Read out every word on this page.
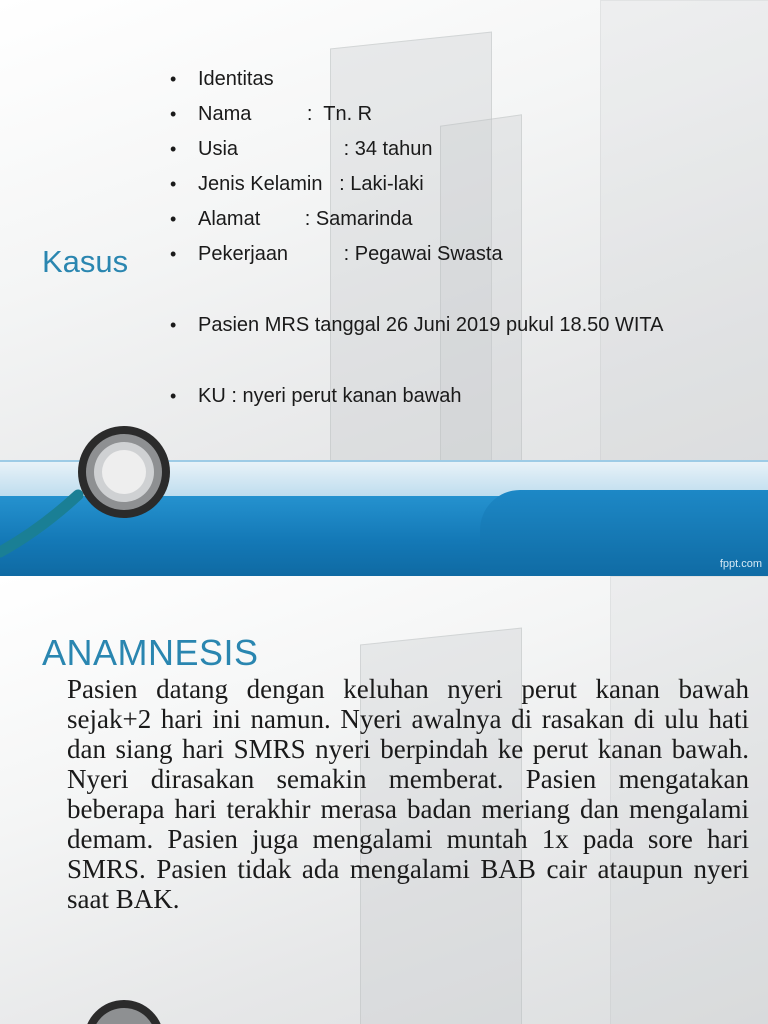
Kasus
• Identitas
• Nama          :  Tn. R
• Usia                   : 34 tahun
• Jenis Kelamin   : Laki-laki
• Alamat        : Samarinda
• Pekerjaan          : Pegawai Swasta
• Pasien MRS tanggal 26 Juni 2019 pukul 18.50 WITA
• KU : nyeri perut kanan bawah
fppt.com
ANAMNESIS

Pasien datang dengan keluhan nyeri perut kanan bawah sejak+2 hari ini namun. Nyeri awalnya di rasakan di ulu hati dan siang hari SMRS nyeri berpindah ke perut kanan bawah. Nyeri dirasakan semakin memberat. Pasien mengatakan beberapa hari terakhir merasa badan meriang dan mengalami demam. Pasien juga mengalami muntah 1x pada sore hari SMRS. Pasien tidak ada mengalami BAB cair ataupun nyeri saat BAK.
